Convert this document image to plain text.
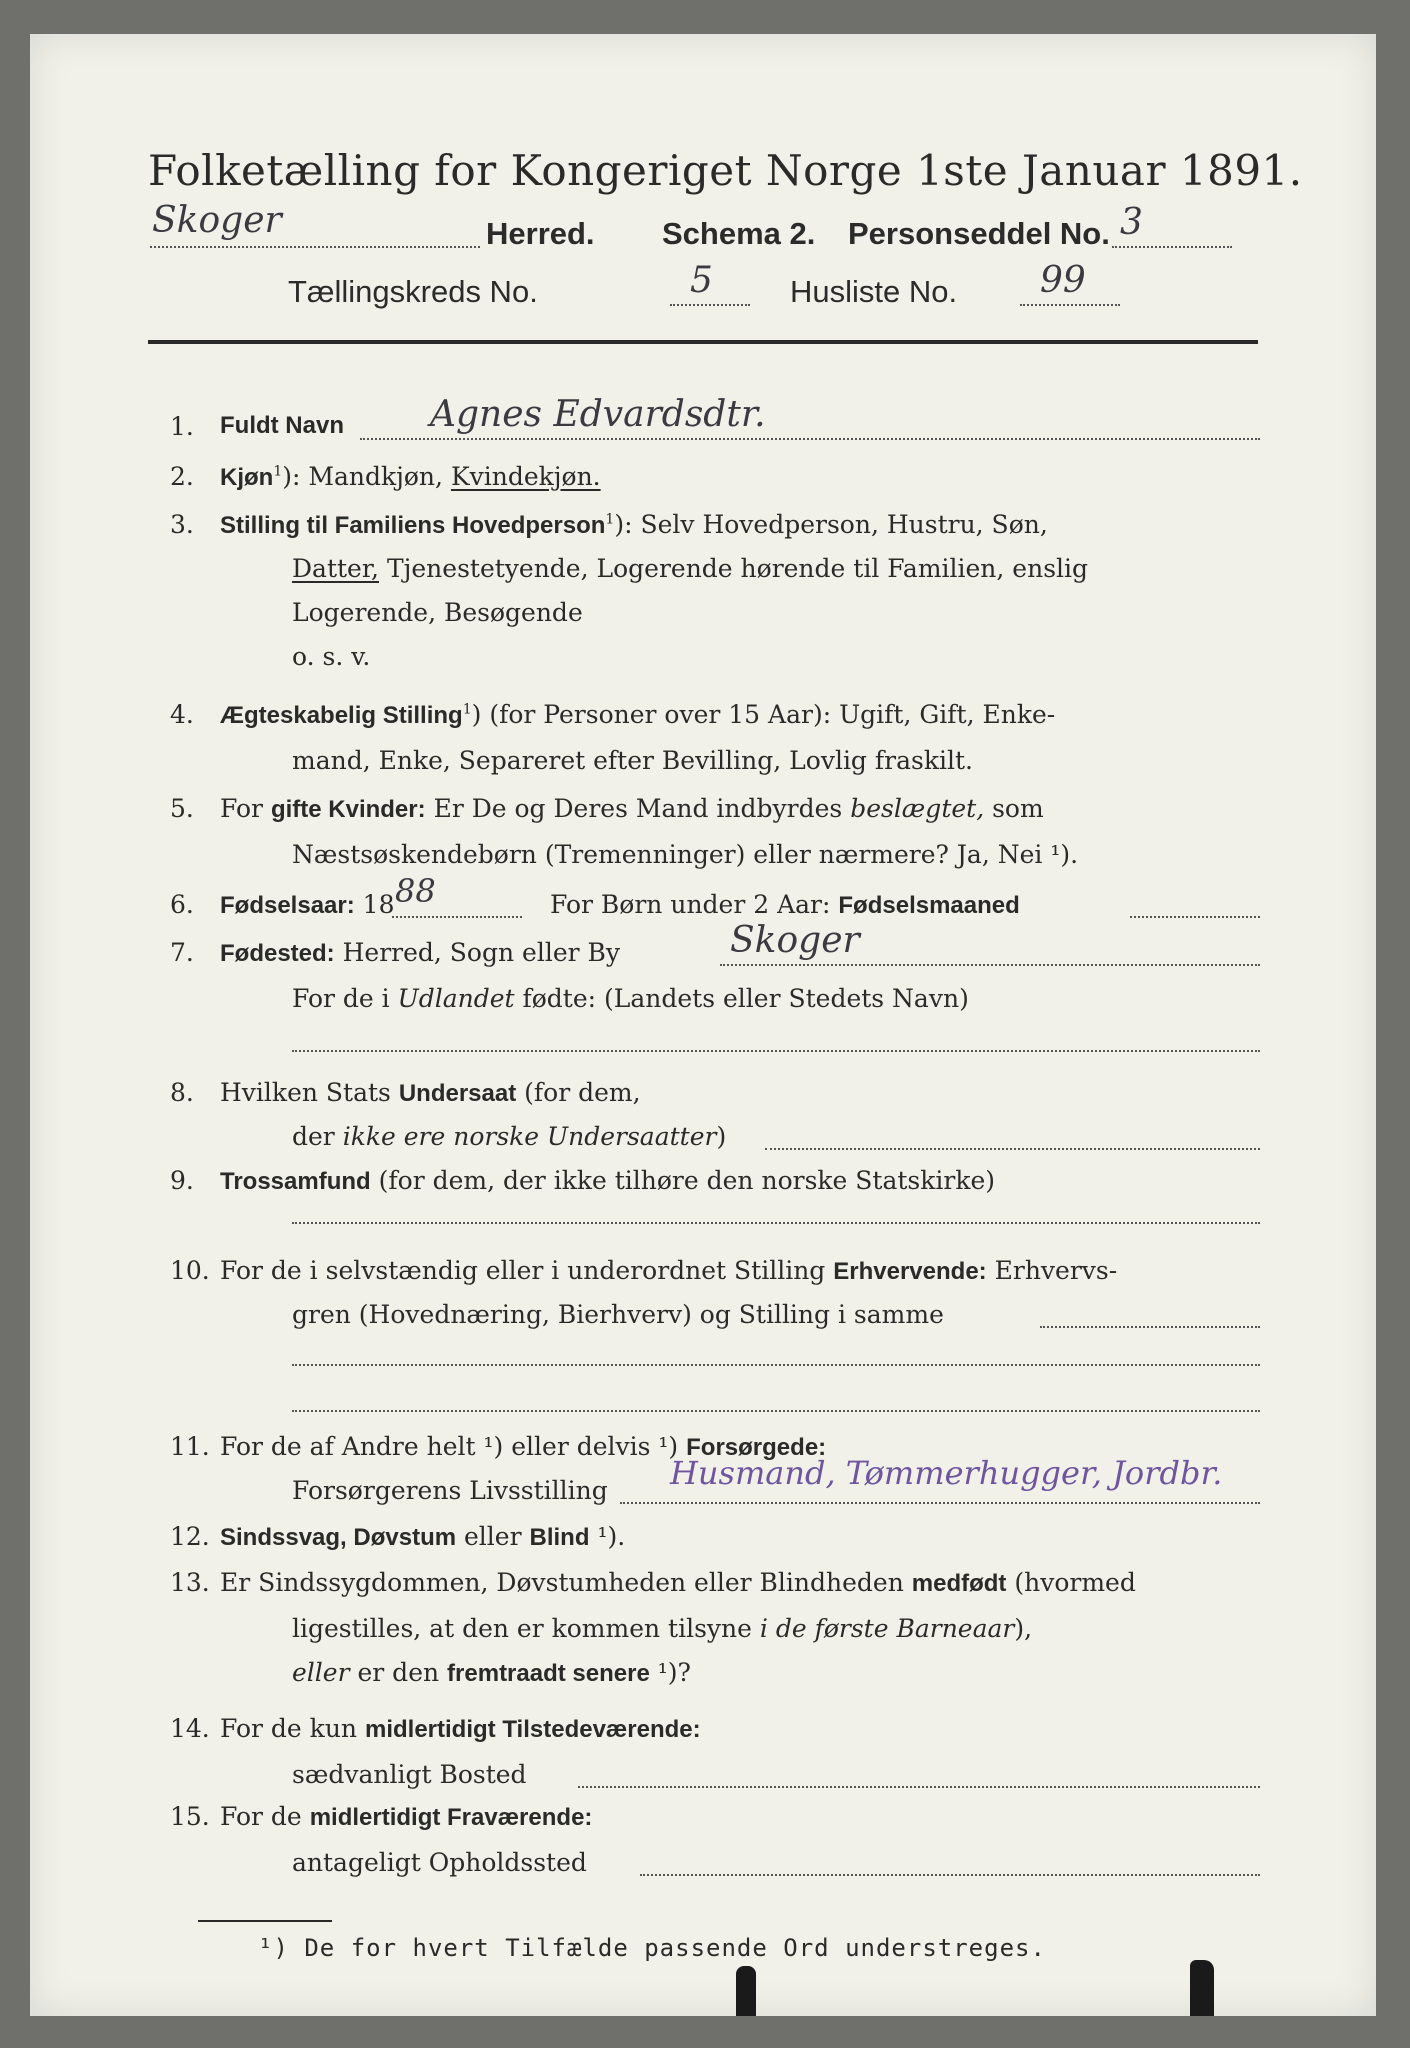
Folketælling for Kongeriget Norge 1ste Januar 1891.
Skoger	Herred. Schema 2. Personseddel No. 3
Tællingskreds No.	5 Husliste No. 99
1. Fuldt Navn Agnes Edvardsdtr.
2. Kjøn$^1$): Mandkjøn, Kvindekjøn.
3. Stilling til Familiens Hovedperson$^1$): Selv Hovedperson, Hustru, Søn,
Datter, Tjenestetyende, Logerende hørende til Familien, enslig
Logerende, Besøgende
o. s. v.
4. Ægteskabelig Stilling$^1$) (for Personer over 15 Aar): Ugift, Gift, Enke-
mand, Enke, Separeret efter Bevilling, Lovlig fraskilt.
5. For gifte Kvinder: Er De og Deres Mand indbyrdes beslægtet, som
Næstsøskendebørn (Tremenninger) eller nærmere? Ja, Nei ¹).
6. Fødselsaar: 18 88	For Børn under 2 Aar: Fødselsmaaned
7. Fødested: Herred, Sogn eller By	Skoger
For de i Udlandet fødte: (Landets eller Stedets Navn)
8. Hvilken Stats Undersaat (for dem,
der ikke ere norske Undersaatter)
9. Trossamfund (for dem, der ikke tilhøre den norske Statskirke)
10. For de i selvstændig eller i underordnet Stilling Erhvervende: Erhvervs-
gren (Hovednæring, Bierhverv) og Stilling i samme
11. For de af Andre helt ¹) eller delvis ¹) Forsørgede:
Forsørgerens Livsstilling Husmand, Tømmerhugger, Jordbr.
12. Sindssvag, Døvstum eller Blind ¹).
13. Er Sindssygdommen, Døvstumheden eller Blindheden medfødt (hvormed
ligestilles, at den er kommen tilsyne i de første Barneaar),
eller er den fremtraadt senere ¹)?
14. For de kun midlertidigt Tilstedeværende:
sædvanligt Bosted
15. For de midlertidigt Fraværende:
antageligt Opholdssted
¹) De for hvert Tilfælde passende Ord understreges.
